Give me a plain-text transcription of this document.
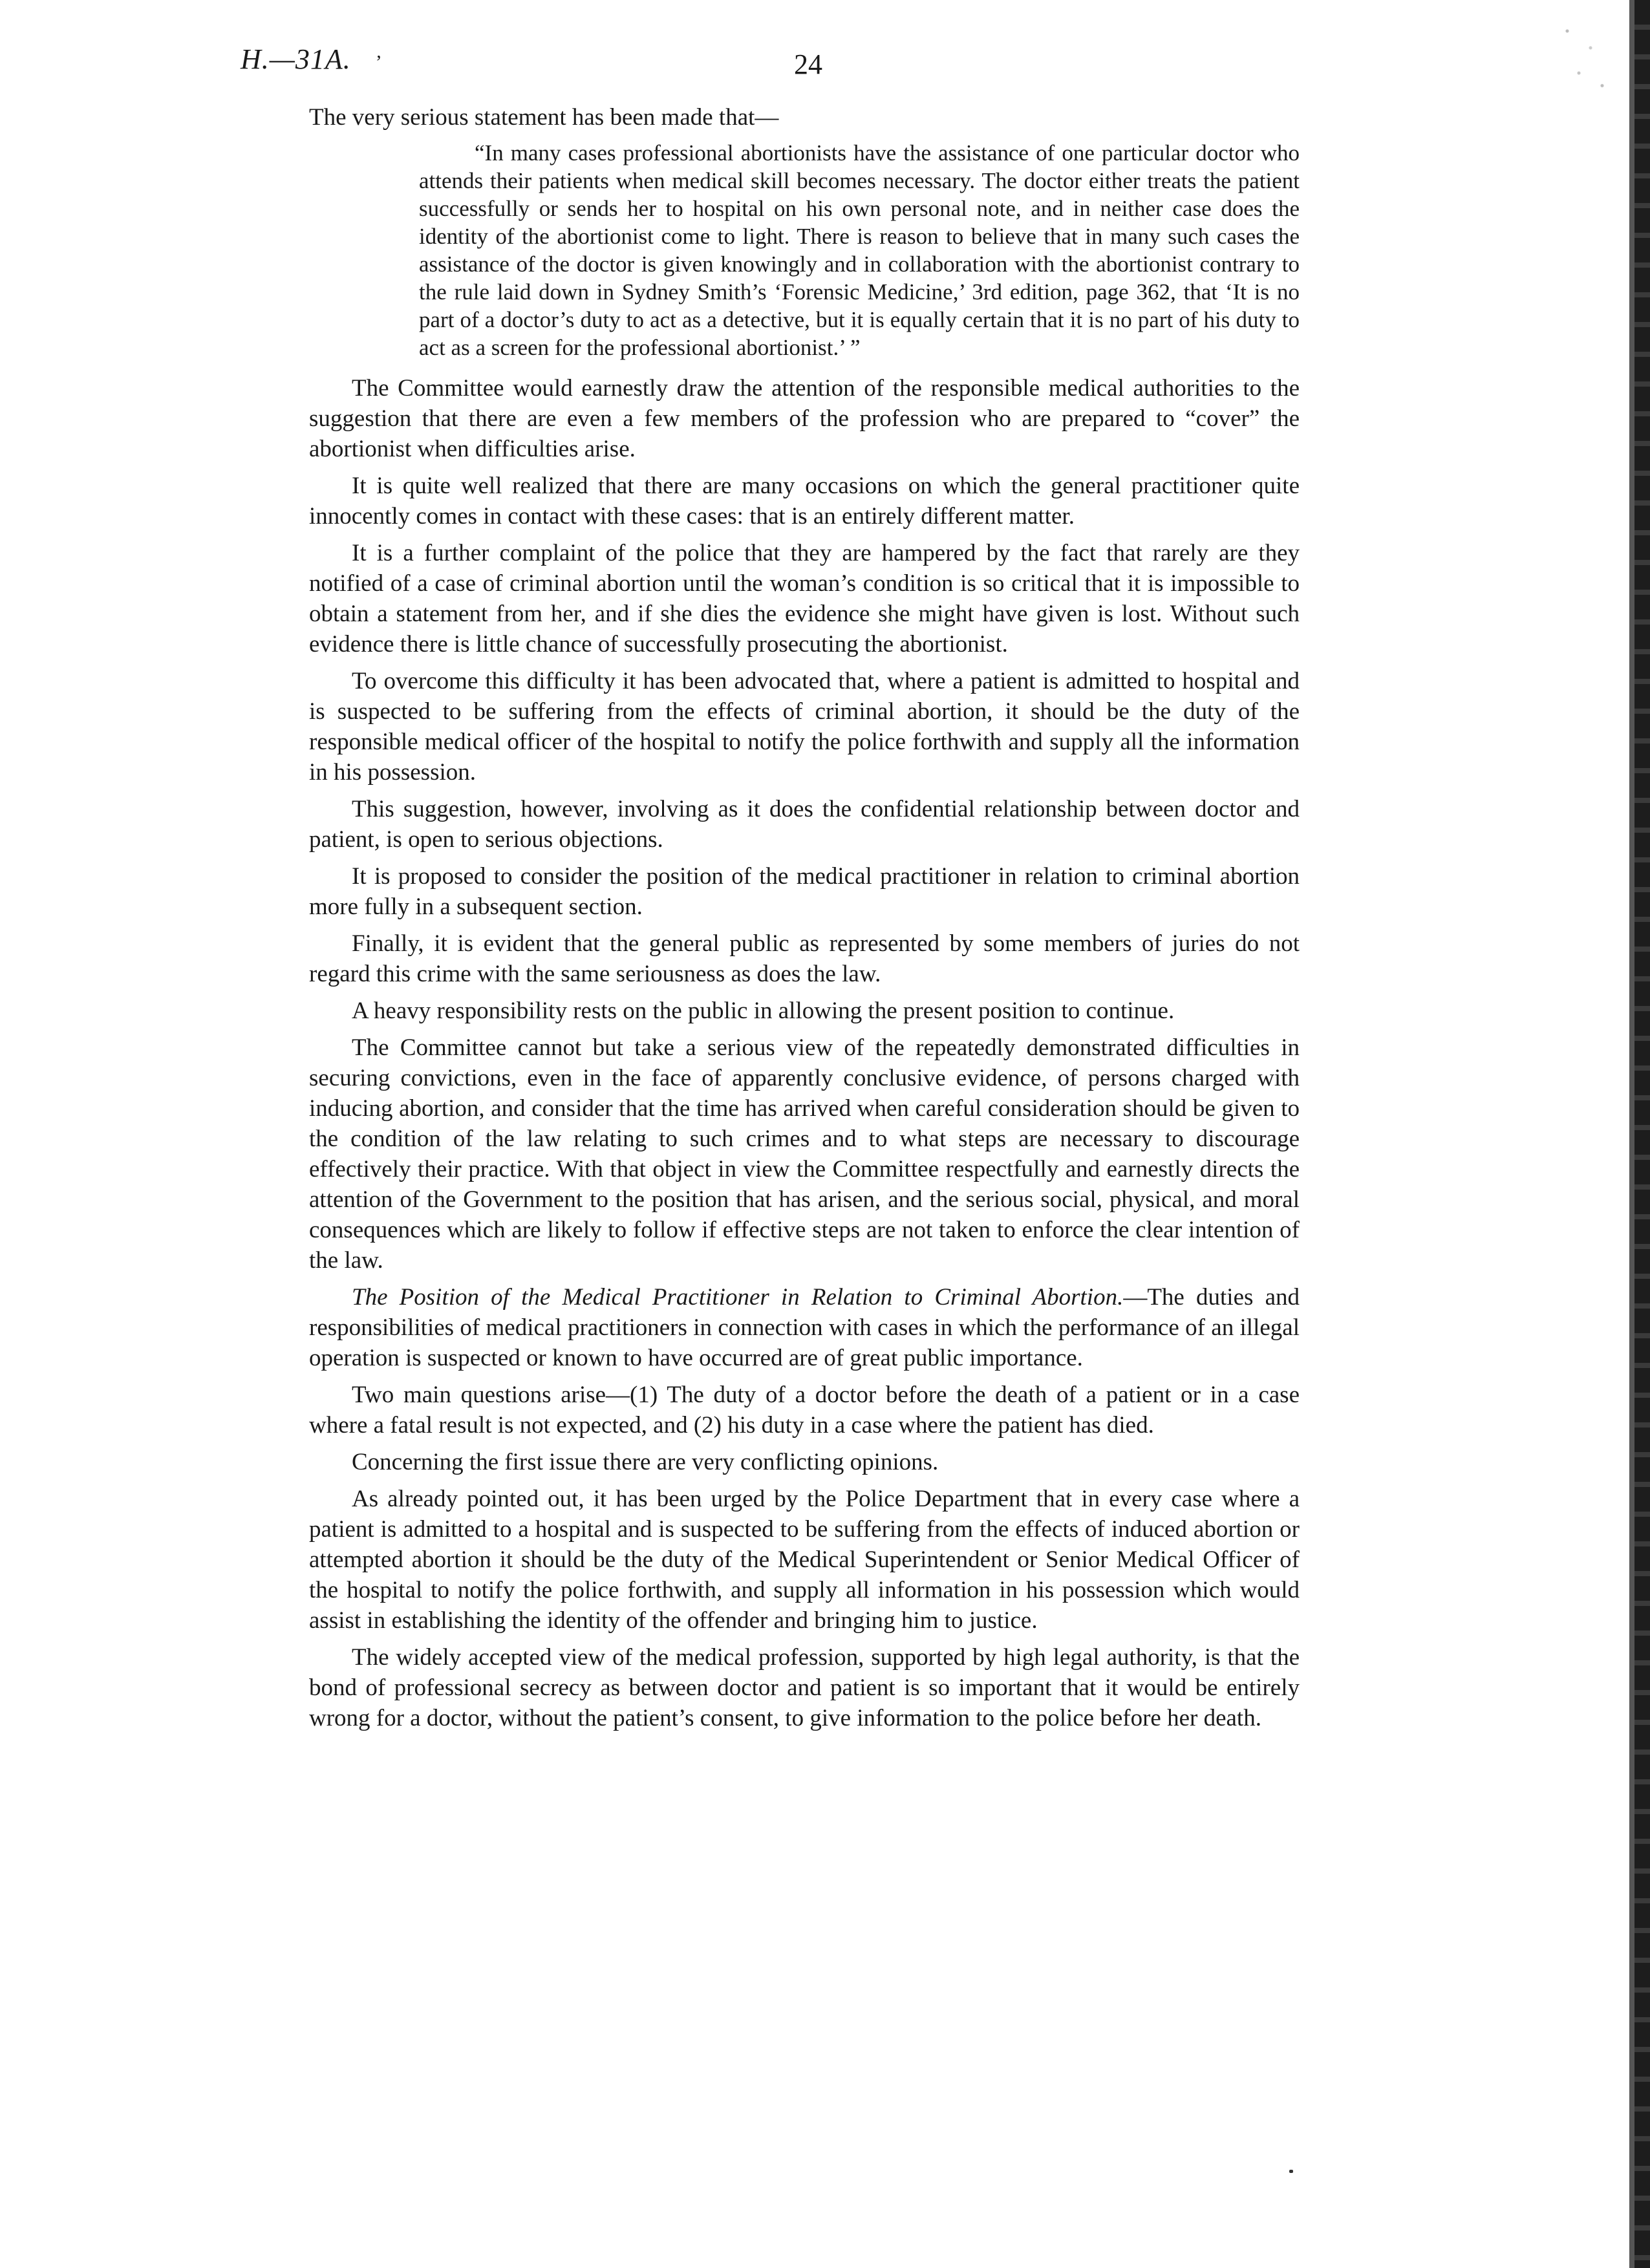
H.—31A. ʼ	24

The very serious statement has been made that—

“In many cases professional abortionists have the assistance of one particular doctor who attends their patients when medical skill becomes necessary. The doctor either treats the patient successfully or sends her to hospital on his own personal note, and in neither case does the identity of the abortionist come to light. There is reason to believe that in many such cases the assistance of the doctor is given knowingly and in collaboration with the abortionist contrary to the rule laid down in Sydney Smith’s ‘Forensic Medicine,’ 3rd edition, page 362, that ‘It is no part of a doctor’s duty to act as a detective, but it is equally certain that it is no part of his duty to act as a screen for the professional abortionist.’ ”

The Committee would earnestly draw the attention of the responsible medical authorities to the suggestion that there are even a few members of the profession who are prepared to “cover” the abortionist when difficulties arise.

It is quite well realized that there are many occasions on which the general practitioner quite innocently comes in contact with these cases: that is an entirely different matter.

It is a further complaint of the police that they are hampered by the fact that rarely are they notified of a case of criminal abortion until the woman’s condition is so critical that it is impossible to obtain a statement from her, and if she dies the evidence she might have given is lost. Without such evidence there is little chance of successfully prosecuting the abortionist.

To overcome this difficulty it has been advocated that, where a patient is admitted to hospital and is suspected to be suffering from the effects of criminal abortion, it should be the duty of the responsible medical officer of the hospital to notify the police forthwith and supply all the information in his possession.

This suggestion, however, involving as it does the confidential relationship between doctor and patient, is open to serious objections.

It is proposed to consider the position of the medical practitioner in relation to criminal abortion more fully in a subsequent section.

Finally, it is evident that the general public as represented by some members of juries do not regard this crime with the same seriousness as does the law.

A heavy responsibility rests on the public in allowing the present position to continue.

The Committee cannot but take a serious view of the repeatedly demonstrated difficulties in securing convictions, even in the face of apparently conclusive evidence, of persons charged with inducing abortion, and consider that the time has arrived when careful consideration should be given to the condition of the law relating to such crimes and to what steps are necessary to discourage effectively their practice. With that object in view the Committee respectfully and earnestly directs the attention of the Government to the position that has arisen, and the serious social, physical, and moral consequences which are likely to follow if effective steps are not taken to enforce the clear intention of the law.

The Position of the Medical Practitioner in Relation to Criminal Abortion.—The duties and responsibilities of medical practitioners in connection with cases in which the performance of an illegal operation is suspected or known to have occurred are of great public importance.

Two main questions arise—(1) The duty of a doctor before the death of a patient or in a case where a fatal result is not expected, and (2) his duty in a case where the patient has died.

Concerning the first issue there are very conflicting opinions.

As already pointed out, it has been urged by the Police Department that in every case where a patient is admitted to a hospital and is suspected to be suffering from the effects of induced abortion or attempted abortion it should be the duty of the Medical Superintendent or Senior Medical Officer of the hospital to notify the police forthwith, and supply all information in his possession which would assist in establishing the identity of the offender and bringing him to justice.

The widely accepted view of the medical profession, supported by high legal authority, is that the bond of professional secrecy as between doctor and patient is so important that it would be entirely wrong for a doctor, without the patient’s consent, to give information to the police before her death.
